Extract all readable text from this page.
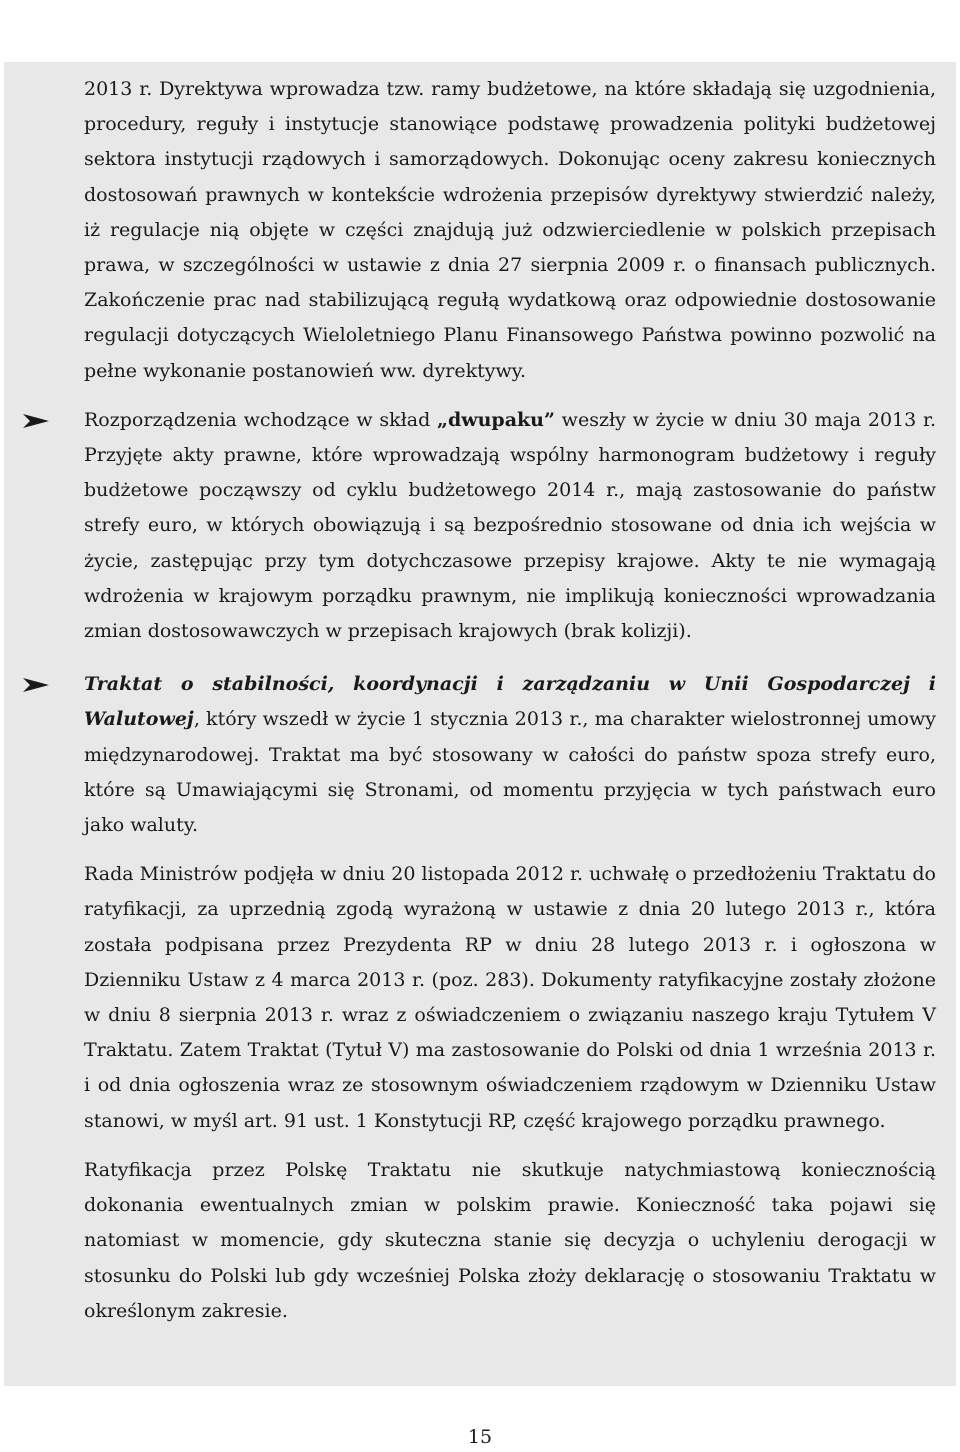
2013 r. Dyrektywa wprowadza tzw. ramy budżetowe, na które składają się uzgodnienia, procedury, reguły i instytucje stanowiące podstawę prowadzenia polityki budżetowej sektora instytucji rządowych i samorządowych. Dokonując oceny zakresu koniecznych dostosowań prawnych w kontekście wdrożenia przepisów dyrektywy stwierdzić należy, iż regulacje nią objęte w części znajdują już odzwierciedlenie w polskich przepisach prawa, w szczególności w ustawie z dnia 27 sierpnia 2009 r. o finansach publicznych. Zakończenie prac nad stabilizującą regułą wydatkową oraz odpowiednie dostosowanie regulacji dotyczących Wieloletniego Planu Finansowego Państwa powinno pozwolić na pełne wykonanie postanowień ww. dyrektywy.

Rozporządzenia wchodzące w skład „dwupaku” weszły w życie w dniu 30 maja 2013 r. Przyjęte akty prawne, które wprowadzają wspólny harmonogram budżetowy i reguły budżetowe począwszy od cyklu budżetowego 2014 r., mają zastosowanie do państw strefy euro, w których obowiązują i są bezpośrednio stosowane od dnia ich wejścia w życie, zastępując przy tym dotychczasowe przepisy krajowe. Akty te nie wymagają wdrożenia w krajowym porządku prawnym, nie implikują konieczności wprowadzania zmian dostosowawczych w przepisach krajowych (brak kolizji).

Traktat o stabilności, koordynacji i zarządzaniu w Unii Gospodarczej i Walutowej, który wszedł w życie 1 stycznia 2013 r., ma charakter wielostronnej umowy międzynarodowej. Traktat ma być stosowany w całości do państw spoza strefy euro, które są Umawiającymi się Stronami, od momentu przyjęcia w tych państwach euro jako waluty.

Rada Ministrów podjęła w dniu 20 listopada 2012 r. uchwałę o przedłożeniu Traktatu do ratyfikacji, za uprzednią zgodą wyrażoną w ustawie z dnia 20 lutego 2013 r., która została podpisana przez Prezydenta RP w dniu 28 lutego 2013 r. i ogłoszona w Dzienniku Ustaw z 4 marca 2013 r. (poz. 283). Dokumenty ratyfikacyjne zostały złożone w dniu 8 sierpnia 2013 r. wraz z oświadczeniem o związaniu naszego kraju Tytułem V Traktatu. Zatem Traktat (Tytuł V) ma zastosowanie do Polski od dnia 1 września 2013 r. i od dnia ogłoszenia wraz ze stosownym oświadczeniem rządowym w Dzienniku Ustaw stanowi, w myśl art. 91 ust. 1 Konstytucji RP, część krajowego porządku prawnego.

Ratyfikacja przez Polskę Traktatu nie skutkuje natychmiastową koniecznością dokonania ewentualnych zmian w polskim prawie. Konieczność taka pojawi się natomiast w momencie, gdy skuteczna stanie się decyzja o uchyleniu derogacji w stosunku do Polski lub gdy wcześniej Polska złoży deklarację o stosowaniu Traktatu w określonym zakresie.

15
